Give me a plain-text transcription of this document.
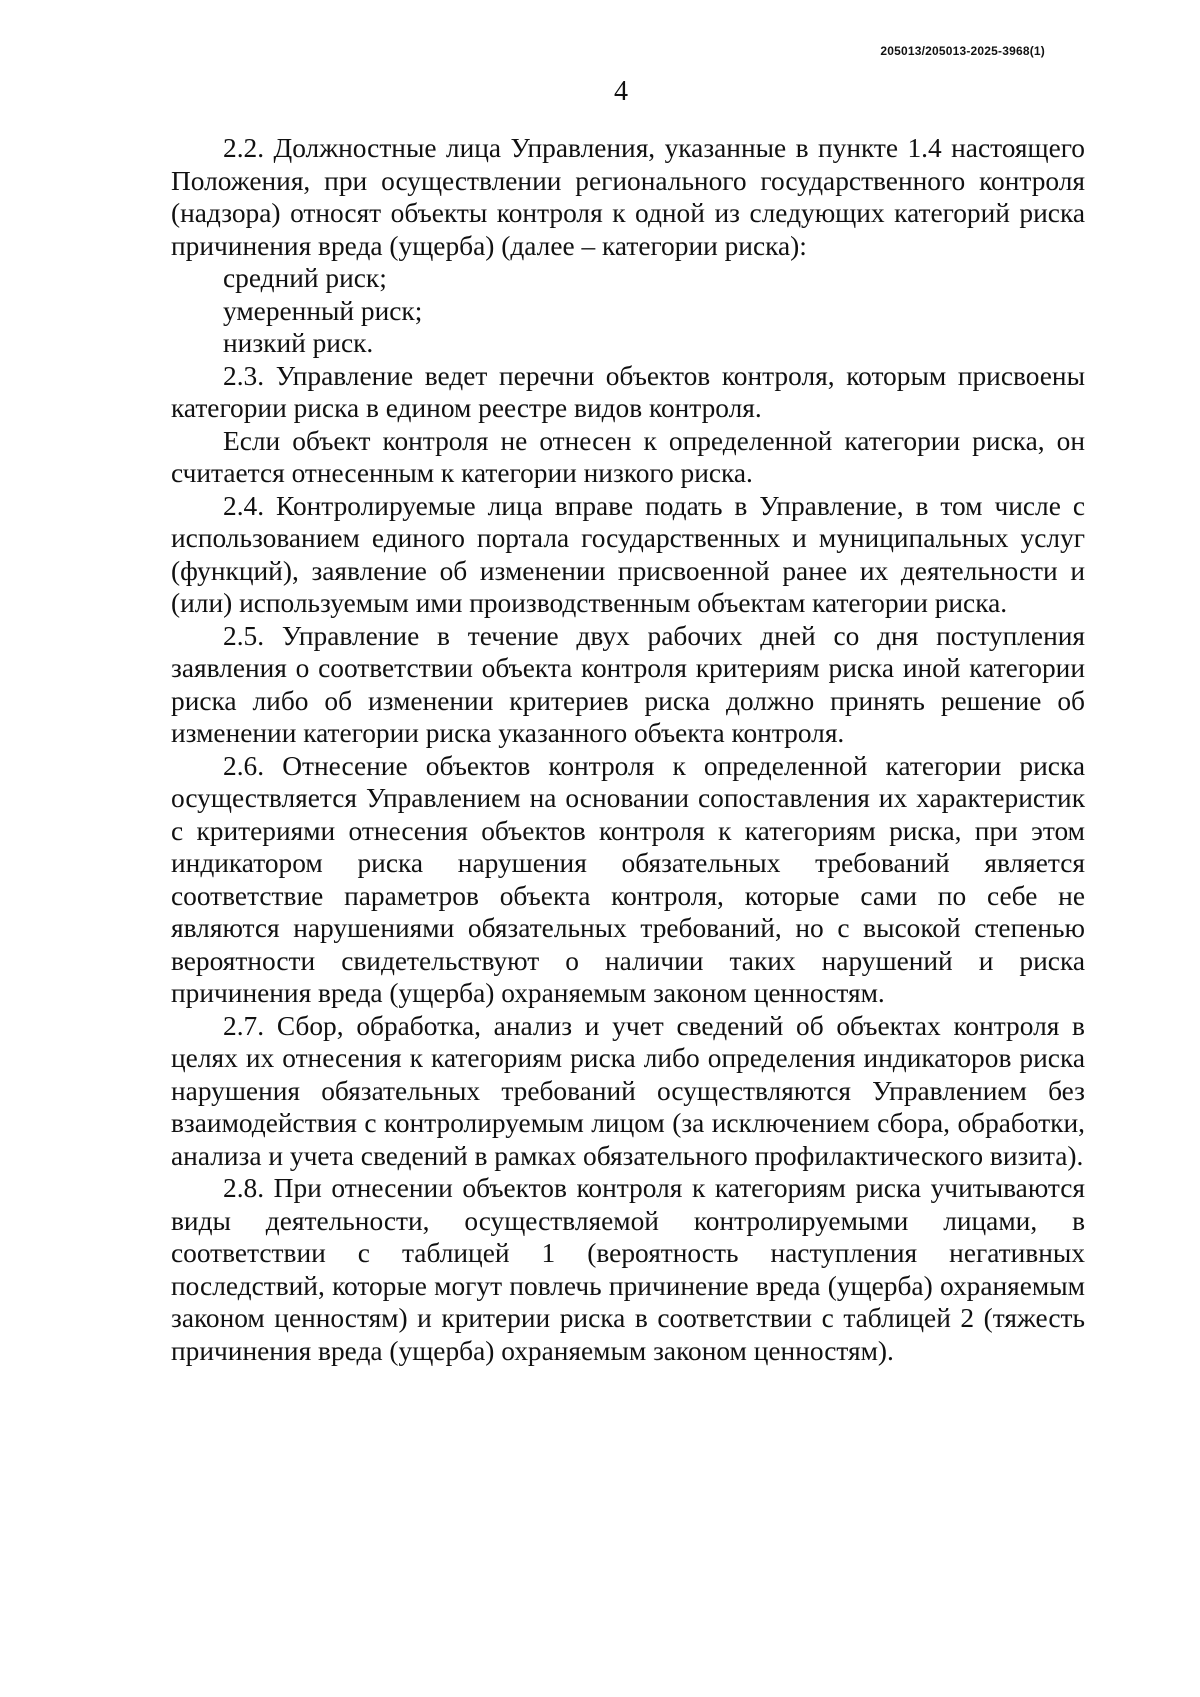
205013/205013-2025-3968(1)
4

2.2. Должностные лица Управления, указанные в пункте 1.4 настоящего Положения, при осуществлении регионального государственного контроля (надзора) относят объекты контроля к одной из следующих категорий риска причинения вреда (ущерба) (далее – категории риска):

средний риск;

умеренный риск;

низкий риск.

2.3. Управление ведет перечни объектов контроля, которым присвоены категории риска в едином реестре видов контроля.

Если объект контроля не отнесен к определенной категории риска, он считается отнесенным к категории низкого риска.

2.4. Контролируемые лица вправе подать в Управление, в том числе с использованием единого портала государственных и муниципальных услуг (функций), заявление об изменении присвоенной ранее их деятельности и (или) используемым ими производственным объектам категории риска.

2.5. Управление в течение двух рабочих дней со дня поступления заявления о соответствии объекта контроля критериям риска иной категории риска либо об изменении критериев риска должно принять решение об изменении категории риска указанного объекта контроля.

2.6. Отнесение объектов контроля к определенной категории риска осуществляется Управлением на основании сопоставления их характеристик с критериями отнесения объектов контроля к категориям риска, при этом индикатором риска нарушения обязательных требований является соответствие параметров объекта контроля, которые сами по себе не являются нарушениями обязательных требований, но с высокой степенью вероятности свидетельствуют о наличии таких нарушений и риска причинения вреда (ущерба) охраняемым законом ценностям.

2.7. Сбор, обработка, анализ и учет сведений об объектах контроля в целях их отнесения к категориям риска либо определения индикаторов риска нарушения обязательных требований осуществляются Управлением без взаимодействия с контролируемым лицом (за исключением сбора, обработки, анализа и учета сведений в рамках обязательного профилактического визита).

2.8. При отнесении объектов контроля к категориям риска учитываются виды деятельности, осуществляемой контролируемыми лицами, в соответствии с таблицей 1 (вероятность наступления негативных последствий, которые могут повлечь причинение вреда (ущерба) охраняемым законом ценностям) и критерии риска в соответствии с таблицей 2 (тяжесть причинения вреда (ущерба) охраняемым законом ценностям).
